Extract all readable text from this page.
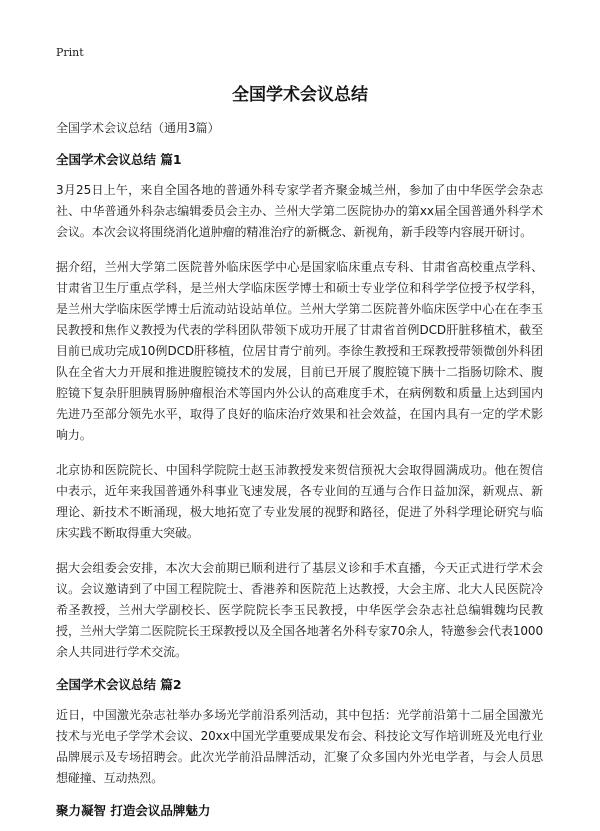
Print

全国学术会议总结

全国学术会议总结（通用3篇）

全国学术会议总结 篇1

3月25日上午，来自全国各地的普通外科专家学者齐聚金城兰州，参加了由中华医学会杂志社、中华普通外科杂志编辑委员会主办、兰州大学第二医院协办的第xx届全国普通外科学术会议。本次会议将围绕消化道肿瘤的精准治疗的新概念、新视角，新手段等内容展开研讨。

据介绍，兰州大学第二医院普外临床医学中心是国家临床重点专科、甘肃省高校重点学科、甘肃省卫生厅重点学科，是兰州大学临床医学博士和硕士专业学位和科学学位授予权学科，是兰州大学临床医学博士后流动站设站单位。兰州大学第二医院普外临床医学中心在在李玉民教授和焦作义教授为代表的学科团队带领下成功开展了甘肃省首例DCD肝脏移植术，截至目前已成功完成10例DCD肝移植，位居甘青宁前列。李徐生教授和王琛教授带领微创外科团队在全省大力开展和推进腹腔镜技术的发展，目前已开展了腹腔镜下胰十二指肠切除术、腹腔镜下复杂肝胆胰胃肠肿瘤根治术等国内外公认的高难度手术，在病例数和质量上达到国内先进乃至部分领先水平，取得了良好的临床治疗效果和社会效益，在国内具有一定的学术影响力。

北京协和医院院长、中国科学院院士赵玉沛教授发来贺信预祝大会取得圆满成功。他在贺信中表示，近年来我国普通外科事业飞速发展，各专业间的互通与合作日益加深，新观点、新理论、新技术不断涌现，极大地拓宽了专业发展的视野和路径，促进了外科学理论研究与临床实践不断取得重大突破。

据大会组委会安排，本次大会前期已顺利进行了基层义诊和手术直播，今天正式进行学术会议。会议邀请到了中国工程院院士、香港养和医院范上达教授，大会主席、北大人民医院冷希圣教授，兰州大学副校长、医学院院长李玉民教授，中华医学会杂志社总编辑魏均民教授，兰州大学第二医院院长王琛教授以及全国各地著名外科专家70余人，特邀参会代表1000余人共同进行学术交流。

全国学术会议总结 篇2

近日，中国激光杂志社举办多场光学前沿系列活动，其中包括：光学前沿第十二届全国激光技术与光电子学学术会议、20xx中国光学重要成果发布会、科技论文写作培训班及光电行业品牌展示及专场招聘会。此次光学前沿品牌活动，汇聚了众多国内外光电学者，与会人员思想碰撞、互动热烈。

聚力凝智 打造会议品牌魅力
